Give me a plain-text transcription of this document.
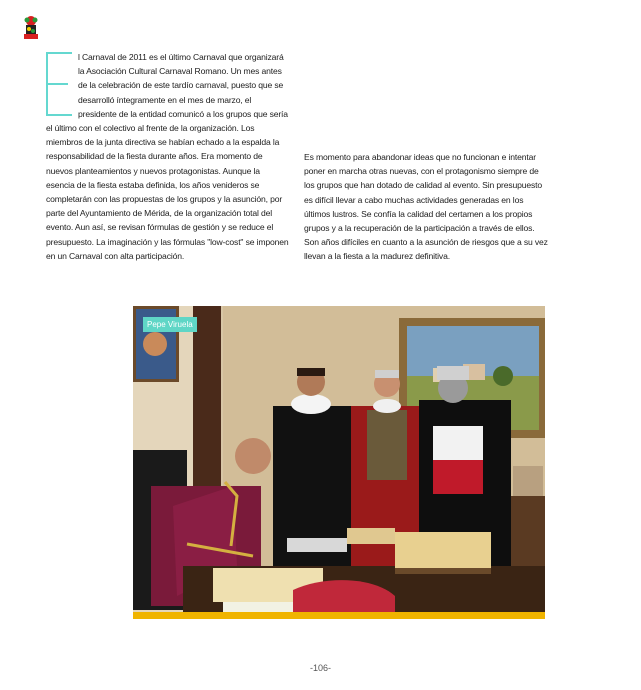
l Carnaval de 2011 es el último Carnaval que organizará la Asociación Cultural Carnaval Romano. Un mes antes de la celebración de este tardío carnaval, puesto que se desarrolló íntegramente en el mes de marzo, el presidente de la entidad comunicó a los grupos que sería el último con el colectivo al frente de la organización. Los miembros de la junta directiva se habían echado a la espalda la responsabilidad de la fiesta durante años. Era momento de nuevos planteamientos y nuevos protagonistas. Aunque la esencia de la fiesta estaba definida, los años venideros se completarán con las propuestas de los grupos y la asunción, por parte del Ayuntamiento de Mérida, de la organización total del evento. Aun así, se revisan fórmulas de gestión y se reduce el presupuesto. La imaginación y las fórmulas "low-cost" se imponen en un Carnaval con alta participación.
Es momento para abandonar ideas que no funcionan e intentar poner en marcha otras nuevas, con el protagonismo siempre de los grupos que han dotado de calidad al evento. Sin presupuesto es difícil llevar a cabo muchas actividades generadas en los últimos lustros. Se confía la calidad del certamen a los propios grupos y a la recuperación de la participación a través de ellos. Son años difíciles en cuanto a la asunción de riesgos que a su vez llevan a la fiesta a la madurez definitiva.
Pepe Viruela
-106-
